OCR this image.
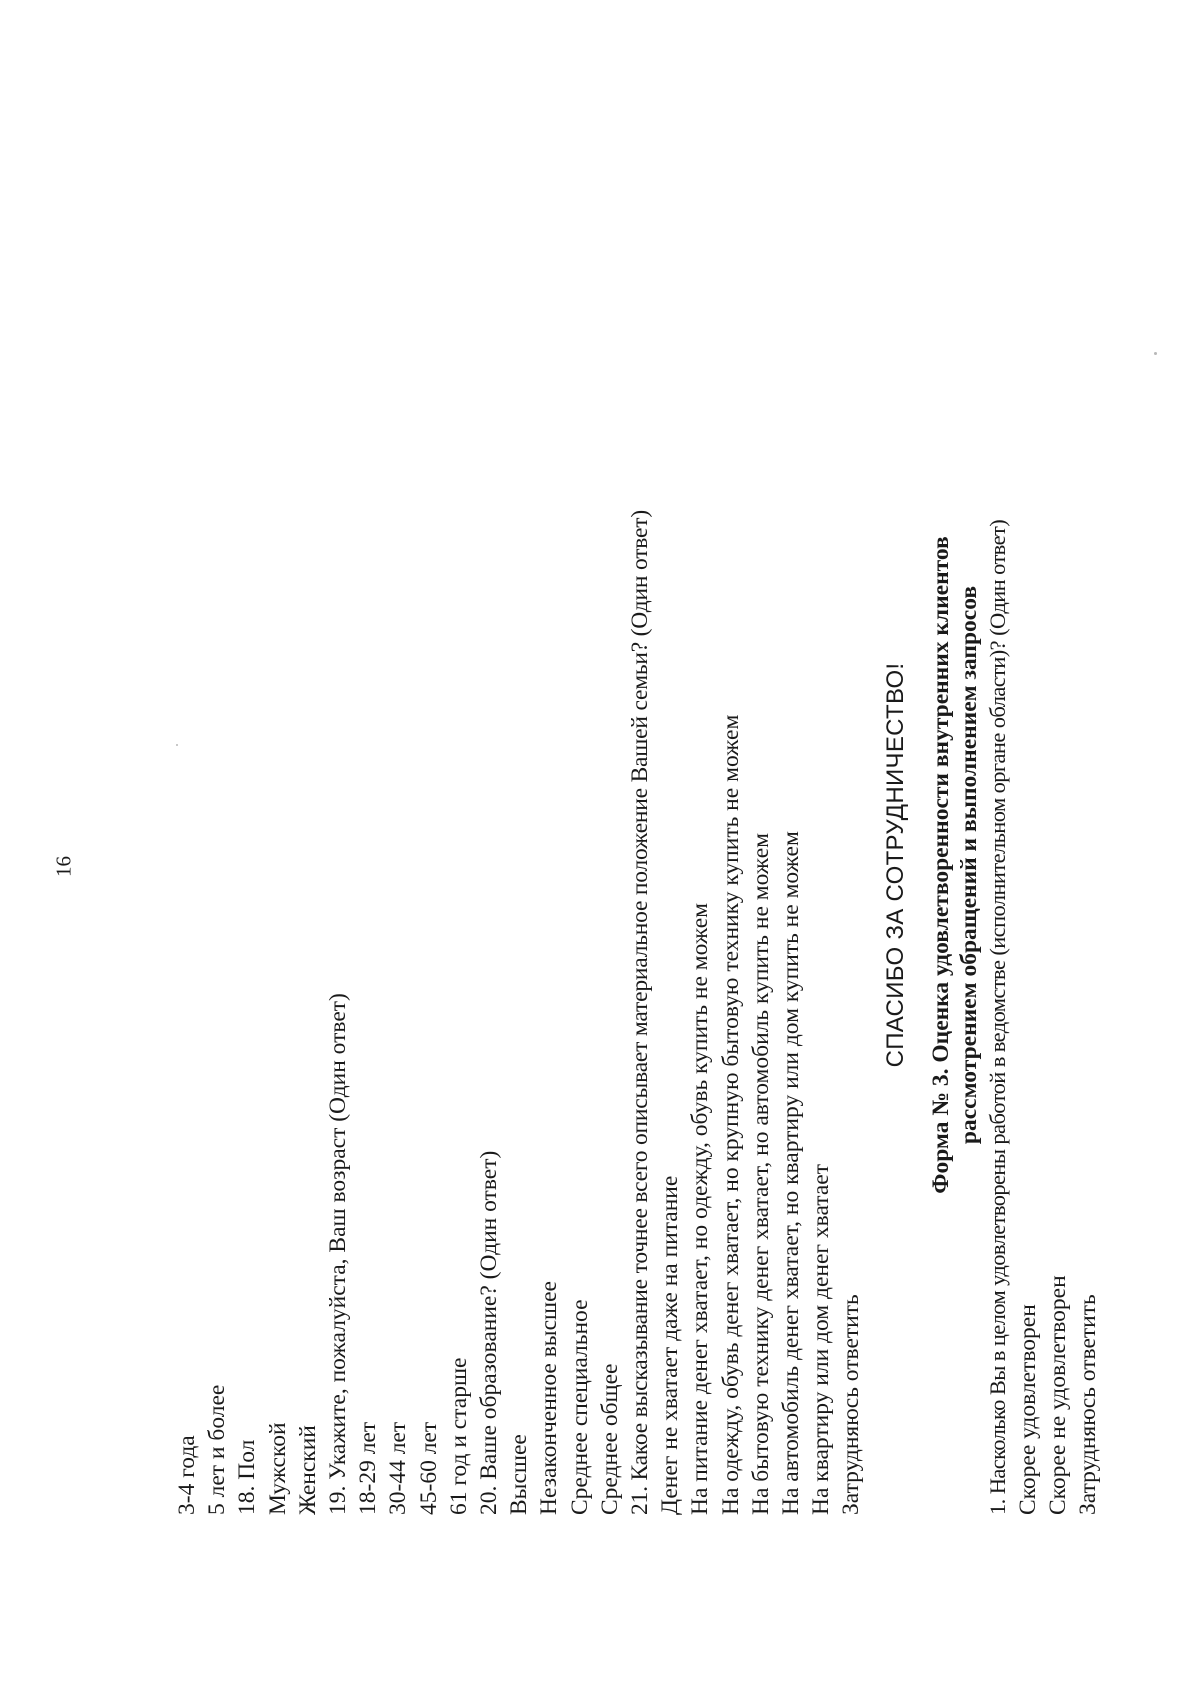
16
3-4 года 5 лет и более 18. Пол Мужской Женский 19. Укажите, пожалуйста, Ваш возраст (Один ответ) 18-29 лет 30-44 лет 45-60 лет 61 год и старше 20. Ваше образование? (Один ответ) Высшее Незаконченное высшее Среднее специальное Среднее общее 21. Какое высказывание точнее всего описывает материальное положение Вашей семьи? (Один ответ) Денег не хватает даже на питание На питание денег хватает, но одежду, обувь купить не можем На одежду, обувь денег хватает, но крупную бытовую технику купить не можем На бытовую технику денег хватает, но автомобиль купить не можем На автомобиль денег хватает, но квартиру или дом купить не можем На квартиру или дом денег хватает Затрудняюсь ответить
СПАСИБО ЗА СОТРУДНИЧЕСТВО! Форма № 3. Оценка удовлетворенности внутренних клиентов рассмотрением обращений и выполнением запросов 1. Насколько Вы в целом удовлетворены работой в ведомстве (исполнительном органе области)? (Один ответ) Скорее удовлетворен Скорее не удовлетворен Затрудняюсь ответить
